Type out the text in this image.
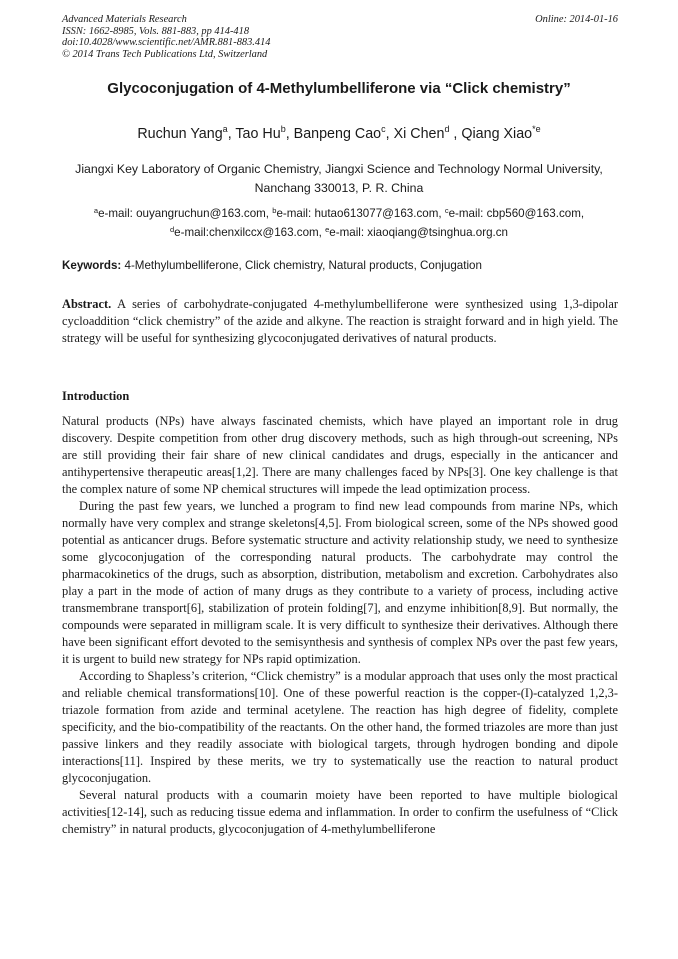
Advanced Materials Research
ISSN: 1662-8985, Vols. 881-883, pp 414-418
doi:10.4028/www.scientific.net/AMR.881-883.414
© 2014 Trans Tech Publications Ltd, Switzerland
Online: 2014-01-16
Glycoconjugation of 4-Methylumbelliferone via “Click chemistry”
Ruchun Yang$^a$, Tao Hu$^b$, Banpeng Cao$^c$, Xi Chen$^d$ , Qiang Xiao$^{*e}$
Jiangxi Key Laboratory of Organic Chemistry, Jiangxi Science and Technology Normal University,
Nanchang 330013, P. R. China
$^a$e-mail: ouyangruchun@163.com, $^b$e-mail: hutao613077@163.com, $^c$e-mail: cbp560@163.com,
$^d$e-mail:chenxilccx@163.com, $^e$e-mail: xiaoqiang@tsinghua.org.cn
Keywords: 4-Methylumbelliferone, Click chemistry, Natural products, Conjugation
Abstract. A series of carbohydrate-conjugated 4-methylumbelliferone were synthesized using 1,3-dipolar cycloaddition “click chemistry” of the azide and alkyne. The reaction is straight forward and in high yield. The strategy will be useful for synthesizing glycoconjugated derivatives of natural products.
Introduction

Natural products (NPs) have always fascinated chemists, which have played an important role in drug discovery. Despite competition from other drug discovery methods, such as high through-out screening, NPs are still providing their fair share of new clinical candidates and drugs, especially in the anticancer and antihypertensive therapeutic areas[1,2]. There are many challenges faced by NPs[3]. One key challenge is that the complex nature of some NP chemical structures will impede the lead optimization process.

During the past few years, we lunched a program to find new lead compounds from marine NPs, which normally have very complex and strange skeletons[4,5]. From biological screen, some of the NPs showed good potential as anticancer drugs. Before systematic structure and activity relationship study, we need to synthesize some glycoconjugation of the corresponding natural products. The carbohydrate may control the pharmacokinetics of the drugs, such as absorption, distribution, metabolism and excretion. Carbohydrates also play a part in the mode of action of many drugs as they contribute to a variety of process, including active transmembrane transport[6], stabilization of protein folding[7], and enzyme inhibition[8,9]. But normally, the compounds were separated in milligram scale. It is very difficult to synthesize their derivatives. Although there have been significant effort devoted to the semisynthesis and synthesis of complex NPs over the past few years, it is urgent to build new strategy for NPs rapid optimization.

According to Shapless’s criterion, “Click chemistry” is a modular approach that uses only the most practical and reliable chemical transformations[10]. One of these powerful reaction is the copper-(I)-catalyzed 1,2,3-triazole formation from azide and terminal acetylene. The reaction has high degree of fidelity, complete specificity, and the bio-compatibility of the reactants. On the other hand, the formed triazoles are more than just passive linkers and they readily associate with biological targets, through hydrogen bonding and dipole interactions[11]. Inspired by these merits, we try to systematically use the reaction to natural product glycoconjugation.

Several natural products with a coumarin moiety have been reported to have multiple biological activities[12-14], such as reducing tissue edema and inflammation. In order to confirm the usefulness of “Click chemistry” in natural products, glycoconjugation of 4-methylumbelliferone
